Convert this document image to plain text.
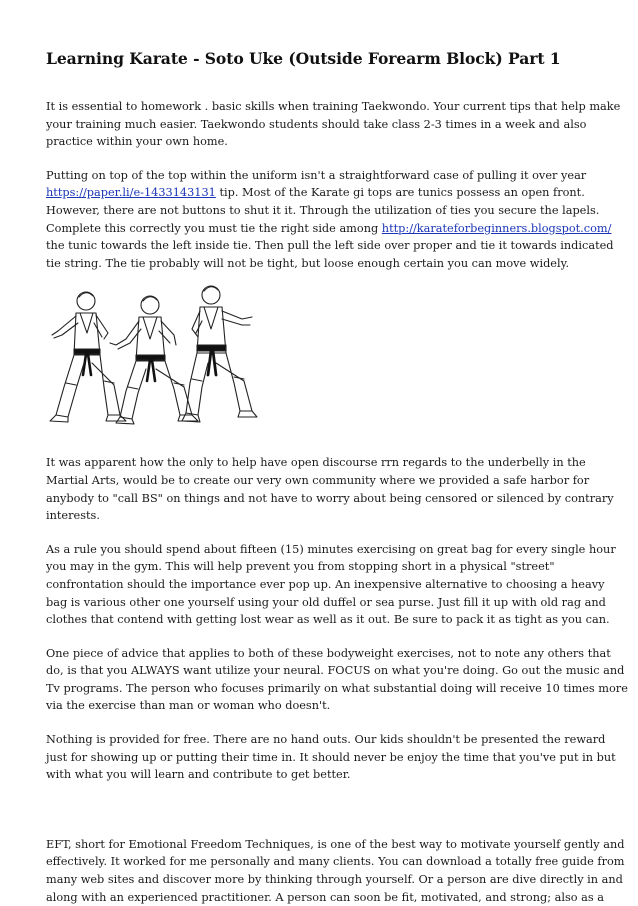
Learning Karate - Soto Uke (Outside Forearm Block) Part 1

It is essential to homework . basic skills when training Taekwondo. Your current tips that help make
your training much easier. Taekwondo students should take class 2-3 times in a week and also
practice within your own home.

Putting on top of the top within the uniform isn't a straightforward case of pulling it over year
https://paper.li/e-1433143131 tip. Most of the Karate gi tops are tunics possess an open front.
However, there are not buttons to shut it it. Through the utilization of ties you secure the lapels.
Complete this correctly you must tie the right side among http://karateforbeginners.blogspot.com/
the tunic towards the left inside tie. Then pull the left side over proper and tie it towards indicated
tie string. The tie probably will not be tight, but loose enough certain you can move widely.

It was apparent how the only to help have open discourse rrn regards to the underbelly in the
Martial Arts, would be to create our very own community where we provided a safe harbor for
anybody to "call BS" on things and not have to worry about being censored or silenced by contrary
interests.

As a rule you should spend about fifteen (15) minutes exercising on great bag for every single hour
you may in the gym. This will help prevent you from stopping short in a physical "street"
confrontation should the importance ever pop up. An inexpensive alternative to choosing a heavy
bag is various other one yourself using your old duffel or sea purse. Just fill it up with old rag and
clothes that contend with getting lost wear as well as it out. Be sure to pack it as tight as you can.

One piece of advice that applies to both of these bodyweight exercises, not to note any others that
do, is that you ALWAYS want utilize your neural. FOCUS on what you're doing. Go out the music and
Tv programs. The person who focuses primarily on what substantial doing will receive 10 times more
via the exercise than man or woman who doesn't.

Nothing is provided for free. There are no hand outs. Our kids shouldn't be presented the reward
just for showing up or putting their time in. It should never be enjoy the time that you've put in but
with what you will learn and contribute to get better.

EFT, short for Emotional Freedom Techniques, is one of the best way to motivate yourself gently and
effectively. It worked for me personally and many clients. You can download a totally free guide from
many web sites and discover more by thinking through yourself. Or a person are dive directly in and
along with an experienced practitioner. A person can soon be fit, motivated, and strong; also as a
